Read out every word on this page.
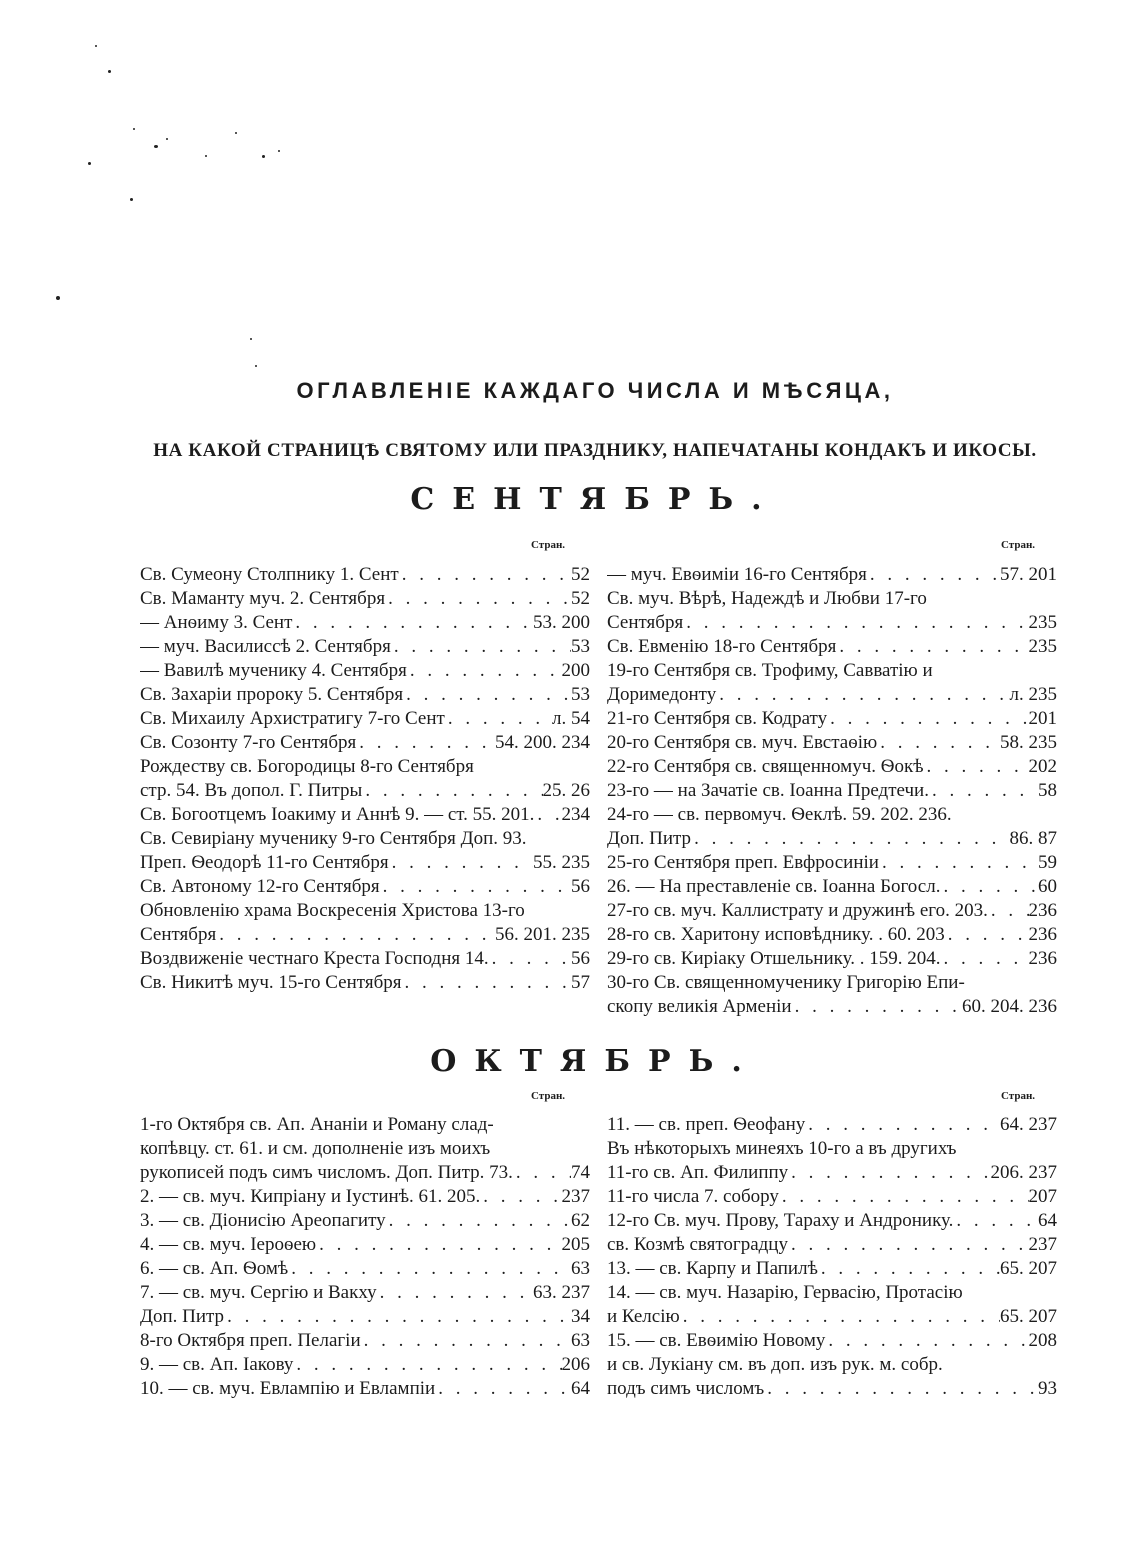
ОГЛАВЛЕНІЕ КАЖДАГО ЧИСЛА И МѢСЯЦА,
НА КАКОЙ СТРАНИЦѢ СВЯТОМУ ИЛИ ПРАЗДНИКУ, НАПЕЧАТАНЫ КОНДАКЪ И ИКОСЫ.
СЕНТЯБРЬ.
Стран.	Стран.
Св. Сумеону Столпнику 1. Сент . . .	52
Св. Маманту муч. 2. Сентября . . .	52
— Анѳиму 3. Сент . . .	53. 200
— муч. Василиссѣ 2. Сентября . . .	53
— Вавилѣ мученику 4. Сентября . . .	200
Св. Захаріи пророку 5. Сентября . . .	53
Св. Михаилу Архистратигу 7-го Сент . . .	л. 54
Св. Созонту 7-го Сентября . . .	54. 200. 234
Рождеству св. Богородицы 8-го Сентября
стр. 54. Въ допол. Г. Питры . . .	25. 26
Св. Богоотцемъ Іоакиму и Аннѣ 9. — ст. 55. 201. . . . 234
Св. Севиріану мученику 9-го Сентября Доп. 93.
Преп. Ѳеодорѣ 11-го Сентября . . .	55. 235
Св. Автоному 12-го Сентября . . .	56
Обновленію храма Воскресенія Христова 13-го
Сентября . . .	56. 201. 235
Воздвиженіе честнаго Креста Господня 14. . . .	56
Св. Никитѣ муч. 15-го Сентября . . .	57
— муч. Евѳиміи 16-го Сентября . . .	57. 201
Св. муч. Вѣрѣ, Надеждѣ и Любви 17-го
Сентября . . .	235
Св. Евменію 18-го Сентября . . .	235
19-го Сентября св. Трофиму, Савватію и
Доримедонту . . .	л. 235
21-го Сентября св. Кодрату . . .	201
20-го Сентября св. муч. Евстаѳію . . .	58. 235
22-го Сентября св. священномуч. Ѳокѣ . . .	202
23-го — на Зачатіе св. Іоанна Предтечи. . . .	58
24-го — св. первомуч. Ѳеклѣ. 59. 202. 236.
Доп. Питр . . .	86. 87
25-го Сентября преп. Евфросиніи . . .	59
26. — На преставленіе св. Іоанна Богосл. . . .	60
27-го св. муч. Каллистрату и дружинѣ его. 203. . . . 236
28-го св. Харитону исповѣднику. . 60. 203 . . .	236
29-го св. Киріаку Отшельнику. . 159. 204. . . .	236
30-го Св. священномученику Григорію Епи-
скопу великія Арменіи . . .	60. 204. 236
ОКТЯБРЬ.
Стран.	Стран.
1-го Октября св. Ап. Ананіи и Роману слад-
копѣвцу. ст. 61. и см. дополненіе изъ моихъ
рукописей подъ симъ числомъ. Доп. Питр. 73. . . .	74
2. — св. муч. Кипріану и Іустинѣ. 61. 205. . . .	237
3. — св. Діонисію Ареопагиту . . .	62
4. — св. муч. Іероѳею . . .	205
6. — св. Ап. Ѳомѣ . . .	63
7. — св. муч. Сергію и Вакху . . .	63. 237
Доп. Питр . . .	34
8-го Октября преп. Пелагіи . . .	63
9. — св. Ап. Іакову . . .	206
10. — св. муч. Евлампію и Евлампіи . . .	64
11. — св. преп. Ѳеофану . . .	64. 237
Въ нѣкоторыхъ минеяхъ 10-го а въ другихъ
11-го св. Ап. Филиппу . . .	206. 237
11-го числа 7. собору . . .	207
12-го Св. муч. Прову, Тараху и Андронику. . . .	64
св. Козмѣ святоградцу . . .	237
13. — св. Карпу и Папилѣ . . .	65. 207
14. — св. муч. Назарію, Гервасію, Протасію
и Келсію . . .	65. 207
15. — св. Евѳимію Новому . . .	208
и св. Лукіану см. въ доп. изъ рук. м. собр.
подъ симъ числомъ . . .	93
